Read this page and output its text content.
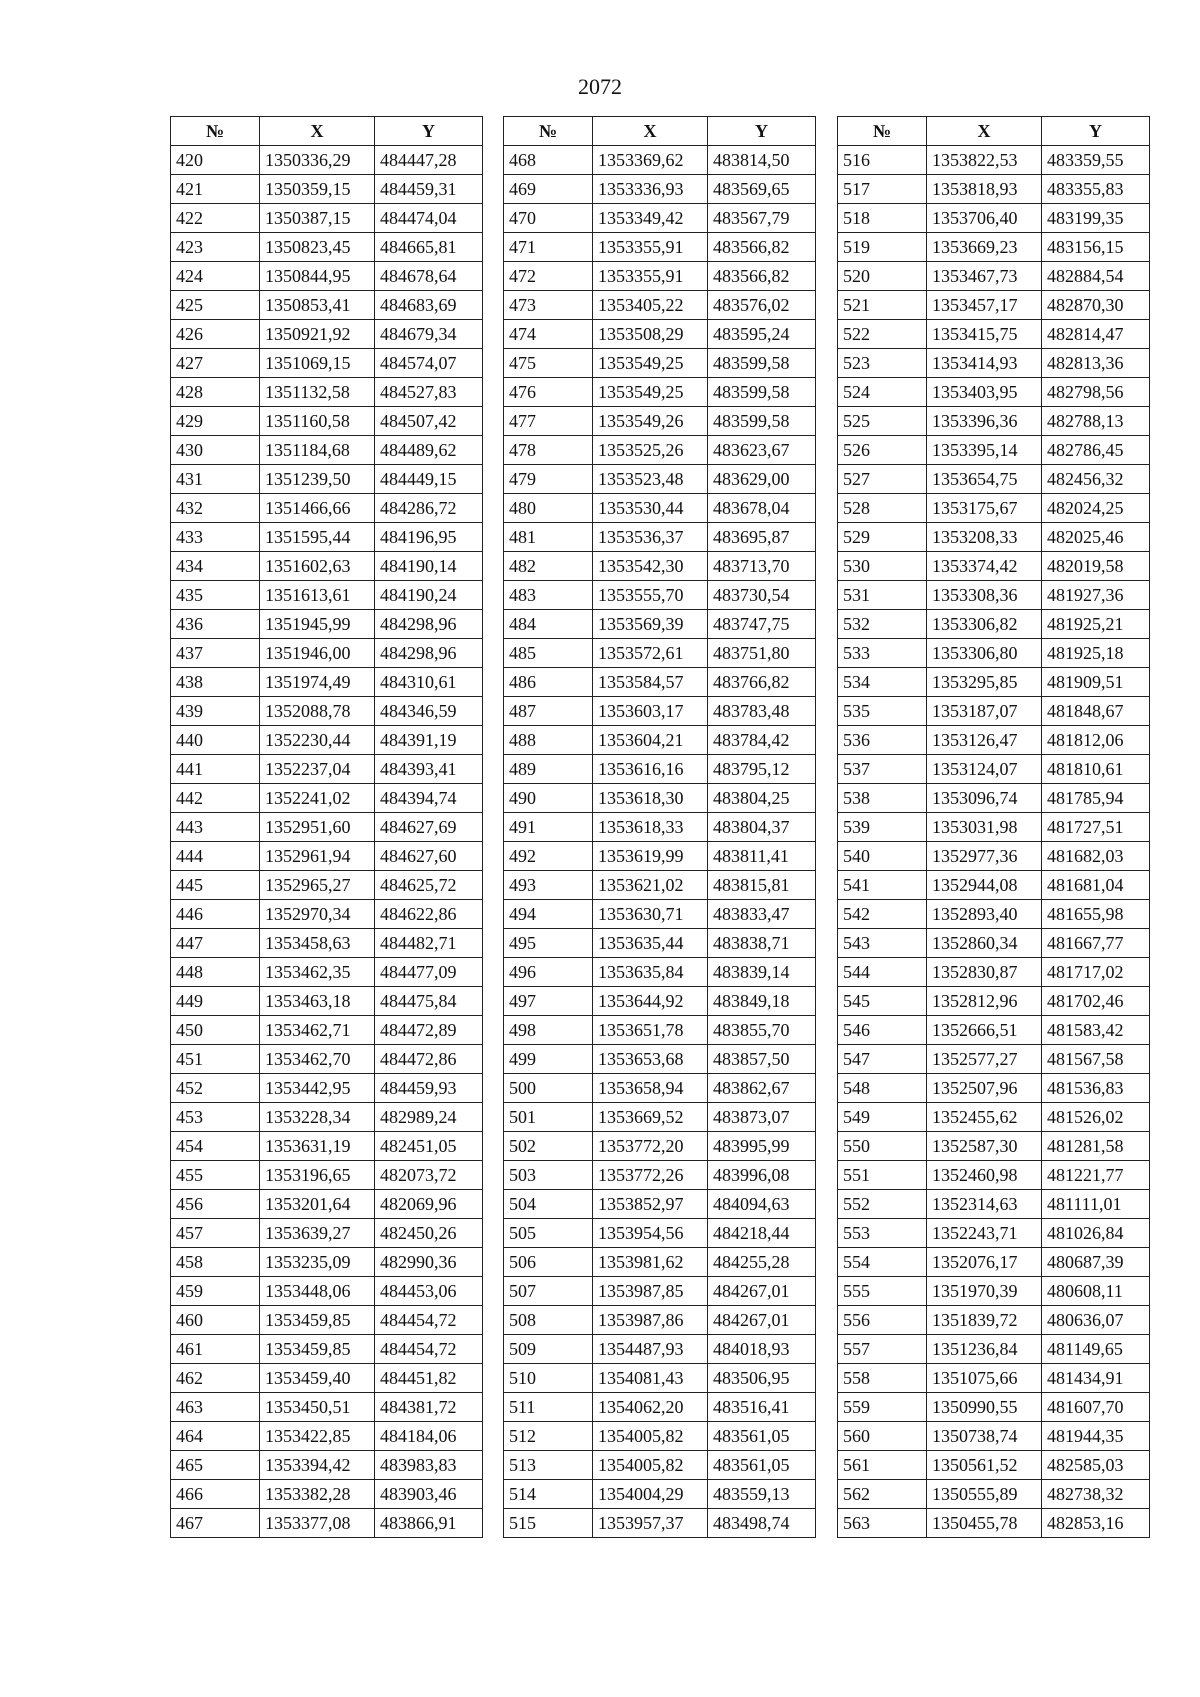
2072
№	X	Y
420	1350336,29	484447,28
421	1350359,15	484459,31
422	1350387,15	484474,04
423	1350823,45	484665,81
424	1350844,95	484678,64
425	1350853,41	484683,69
426	1350921,92	484679,34
427	1351069,15	484574,07
428	1351132,58	484527,83
429	1351160,58	484507,42
430	1351184,68	484489,62
431	1351239,50	484449,15
432	1351466,66	484286,72
433	1351595,44	484196,95
434	1351602,63	484190,14
435	1351613,61	484190,24
436	1351945,99	484298,96
437	1351946,00	484298,96
438	1351974,49	484310,61
439	1352088,78	484346,59
440	1352230,44	484391,19
441	1352237,04	484393,41
442	1352241,02	484394,74
443	1352951,60	484627,69
444	1352961,94	484627,60
445	1352965,27	484625,72
446	1352970,34	484622,86
447	1353458,63	484482,71
448	1353462,35	484477,09
449	1353463,18	484475,84
450	1353462,71	484472,89
451	1353462,70	484472,86
452	1353442,95	484459,93
453	1353228,34	482989,24
454	1353631,19	482451,05
455	1353196,65	482073,72
456	1353201,64	482069,96
457	1353639,27	482450,26
458	1353235,09	482990,36
459	1353448,06	484453,06
460	1353459,85	484454,72
461	1353459,85	484454,72
462	1353459,40	484451,82
463	1353450,51	484381,72
464	1353422,85	484184,06
465	1353394,42	483983,83
466	1353382,28	483903,46
467	1353377,08	483866,91
№	X	Y
468	1353369,62	483814,50
469	1353336,93	483569,65
470	1353349,42	483567,79
471	1353355,91	483566,82
472	1353355,91	483566,82
473	1353405,22	483576,02
474	1353508,29	483595,24
475	1353549,25	483599,58
476	1353549,25	483599,58
477	1353549,26	483599,58
478	1353525,26	483623,67
479	1353523,48	483629,00
480	1353530,44	483678,04
481	1353536,37	483695,87
482	1353542,30	483713,70
483	1353555,70	483730,54
484	1353569,39	483747,75
485	1353572,61	483751,80
486	1353584,57	483766,82
487	1353603,17	483783,48
488	1353604,21	483784,42
489	1353616,16	483795,12
490	1353618,30	483804,25
491	1353618,33	483804,37
492	1353619,99	483811,41
493	1353621,02	483815,81
494	1353630,71	483833,47
495	1353635,44	483838,71
496	1353635,84	483839,14
497	1353644,92	483849,18
498	1353651,78	483855,70
499	1353653,68	483857,50
500	1353658,94	483862,67
501	1353669,52	483873,07
502	1353772,20	483995,99
503	1353772,26	483996,08
504	1353852,97	484094,63
505	1353954,56	484218,44
506	1353981,62	484255,28
507	1353987,85	484267,01
508	1353987,86	484267,01
509	1354487,93	484018,93
510	1354081,43	483506,95
511	1354062,20	483516,41
512	1354005,82	483561,05
513	1354005,82	483561,05
514	1354004,29	483559,13
515	1353957,37	483498,74
№	X	Y
516	1353822,53	483359,55
517	1353818,93	483355,83
518	1353706,40	483199,35
519	1353669,23	483156,15
520	1353467,73	482884,54
521	1353457,17	482870,30
522	1353415,75	482814,47
523	1353414,93	482813,36
524	1353403,95	482798,56
525	1353396,36	482788,13
526	1353395,14	482786,45
527	1353654,75	482456,32
528	1353175,67	482024,25
529	1353208,33	482025,46
530	1353374,42	482019,58
531	1353308,36	481927,36
532	1353306,82	481925,21
533	1353306,80	481925,18
534	1353295,85	481909,51
535	1353187,07	481848,67
536	1353126,47	481812,06
537	1353124,07	481810,61
538	1353096,74	481785,94
539	1353031,98	481727,51
540	1352977,36	481682,03
541	1352944,08	481681,04
542	1352893,40	481655,98
543	1352860,34	481667,77
544	1352830,87	481717,02
545	1352812,96	481702,46
546	1352666,51	481583,42
547	1352577,27	481567,58
548	1352507,96	481536,83
549	1352455,62	481526,02
550	1352587,30	481281,58
551	1352460,98	481221,77
552	1352314,63	481111,01
553	1352243,71	481026,84
554	1352076,17	480687,39
555	1351970,39	480608,11
556	1351839,72	480636,07
557	1351236,84	481149,65
558	1351075,66	481434,91
559	1350990,55	481607,70
560	1350738,74	481944,35
561	1350561,52	482585,03
562	1350555,89	482738,32
563	1350455,78	482853,16
